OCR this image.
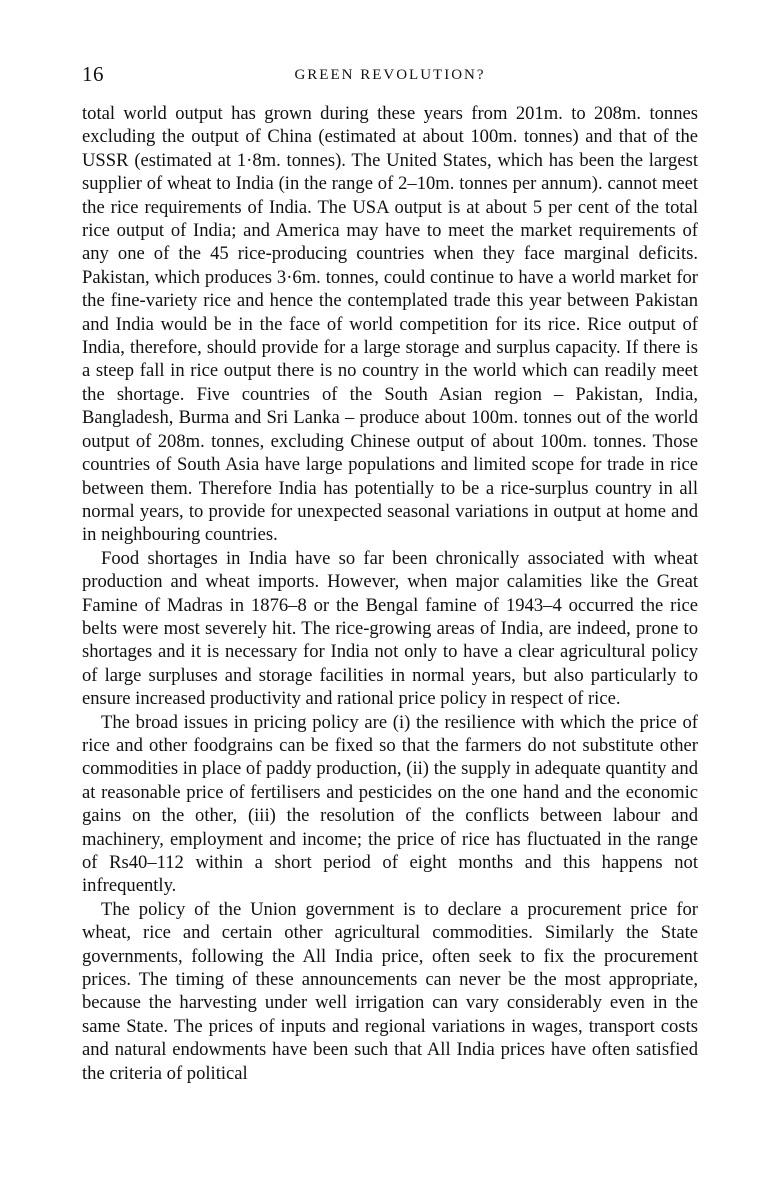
16	GREEN REVOLUTION?

total world output has grown during these years from 201m. to 208m. tonnes excluding the output of China (estimated at about 100m. tonnes) and that of the USSR (estimated at 1·8m. tonnes). The United States, which has been the largest supplier of wheat to India (in the range of 2–10m. tonnes per annum). cannot meet the rice requirements of India. The USA output is at about 5 per cent of the total rice output of India; and America may have to meet the market requirements of any one of the 45 rice-producing countries when they face marginal deficits. Pakistan, which produces 3·6m. tonnes, could continue to have a world market for the fine-variety rice and hence the contemplated trade this year between Pakistan and India would be in the face of world competition for its rice. Rice output of India, therefore, should provide for a large storage and surplus capacity. If there is a steep fall in rice output there is no country in the world which can readily meet the shortage. Five countries of the South Asian region – Pakistan, India, Bangladesh, Burma and Sri Lanka – produce about 100m. tonnes out of the world output of 208m. tonnes, excluding Chinese output of about 100m. tonnes. Those countries of South Asia have large populations and limited scope for trade in rice between them. Therefore India has potentially to be a rice-surplus country in all normal years, to provide for unexpected seasonal variations in output at home and in neighbouring countries.

Food shortages in India have so far been chronically associated with wheat production and wheat imports. However, when major calamities like the Great Famine of Madras in 1876–8 or the Bengal famine of 1943–4 occurred the rice belts were most severely hit. The rice-growing areas of India, are indeed, prone to shortages and it is necessary for India not only to have a clear agricultural policy of large surpluses and storage facilities in normal years, but also particularly to ensure increased productivity and rational price policy in respect of rice.

The broad issues in pricing policy are (i) the resilience with which the price of rice and other foodgrains can be fixed so that the farmers do not substitute other commodities in place of paddy production, (ii) the supply in adequate quantity and at reasonable price of fertilisers and pesticides on the one hand and the economic gains on the other, (iii) the resolution of the conflicts between labour and machinery, employment and income; the price of rice has fluctuated in the range of Rs40–112 within a short period of eight months and this happens not infrequently.

The policy of the Union government is to declare a procurement price for wheat, rice and certain other agricultural commodities. Similarly the State governments, following the All India price, often seek to fix the procurement prices. The timing of these announcements can never be the most appropriate, because the harvesting under well irrigation can vary considerably even in the same State. The prices of inputs and regional variations in wages, transport costs and natural endowments have been such that All India prices have often satisfied the criteria of political
